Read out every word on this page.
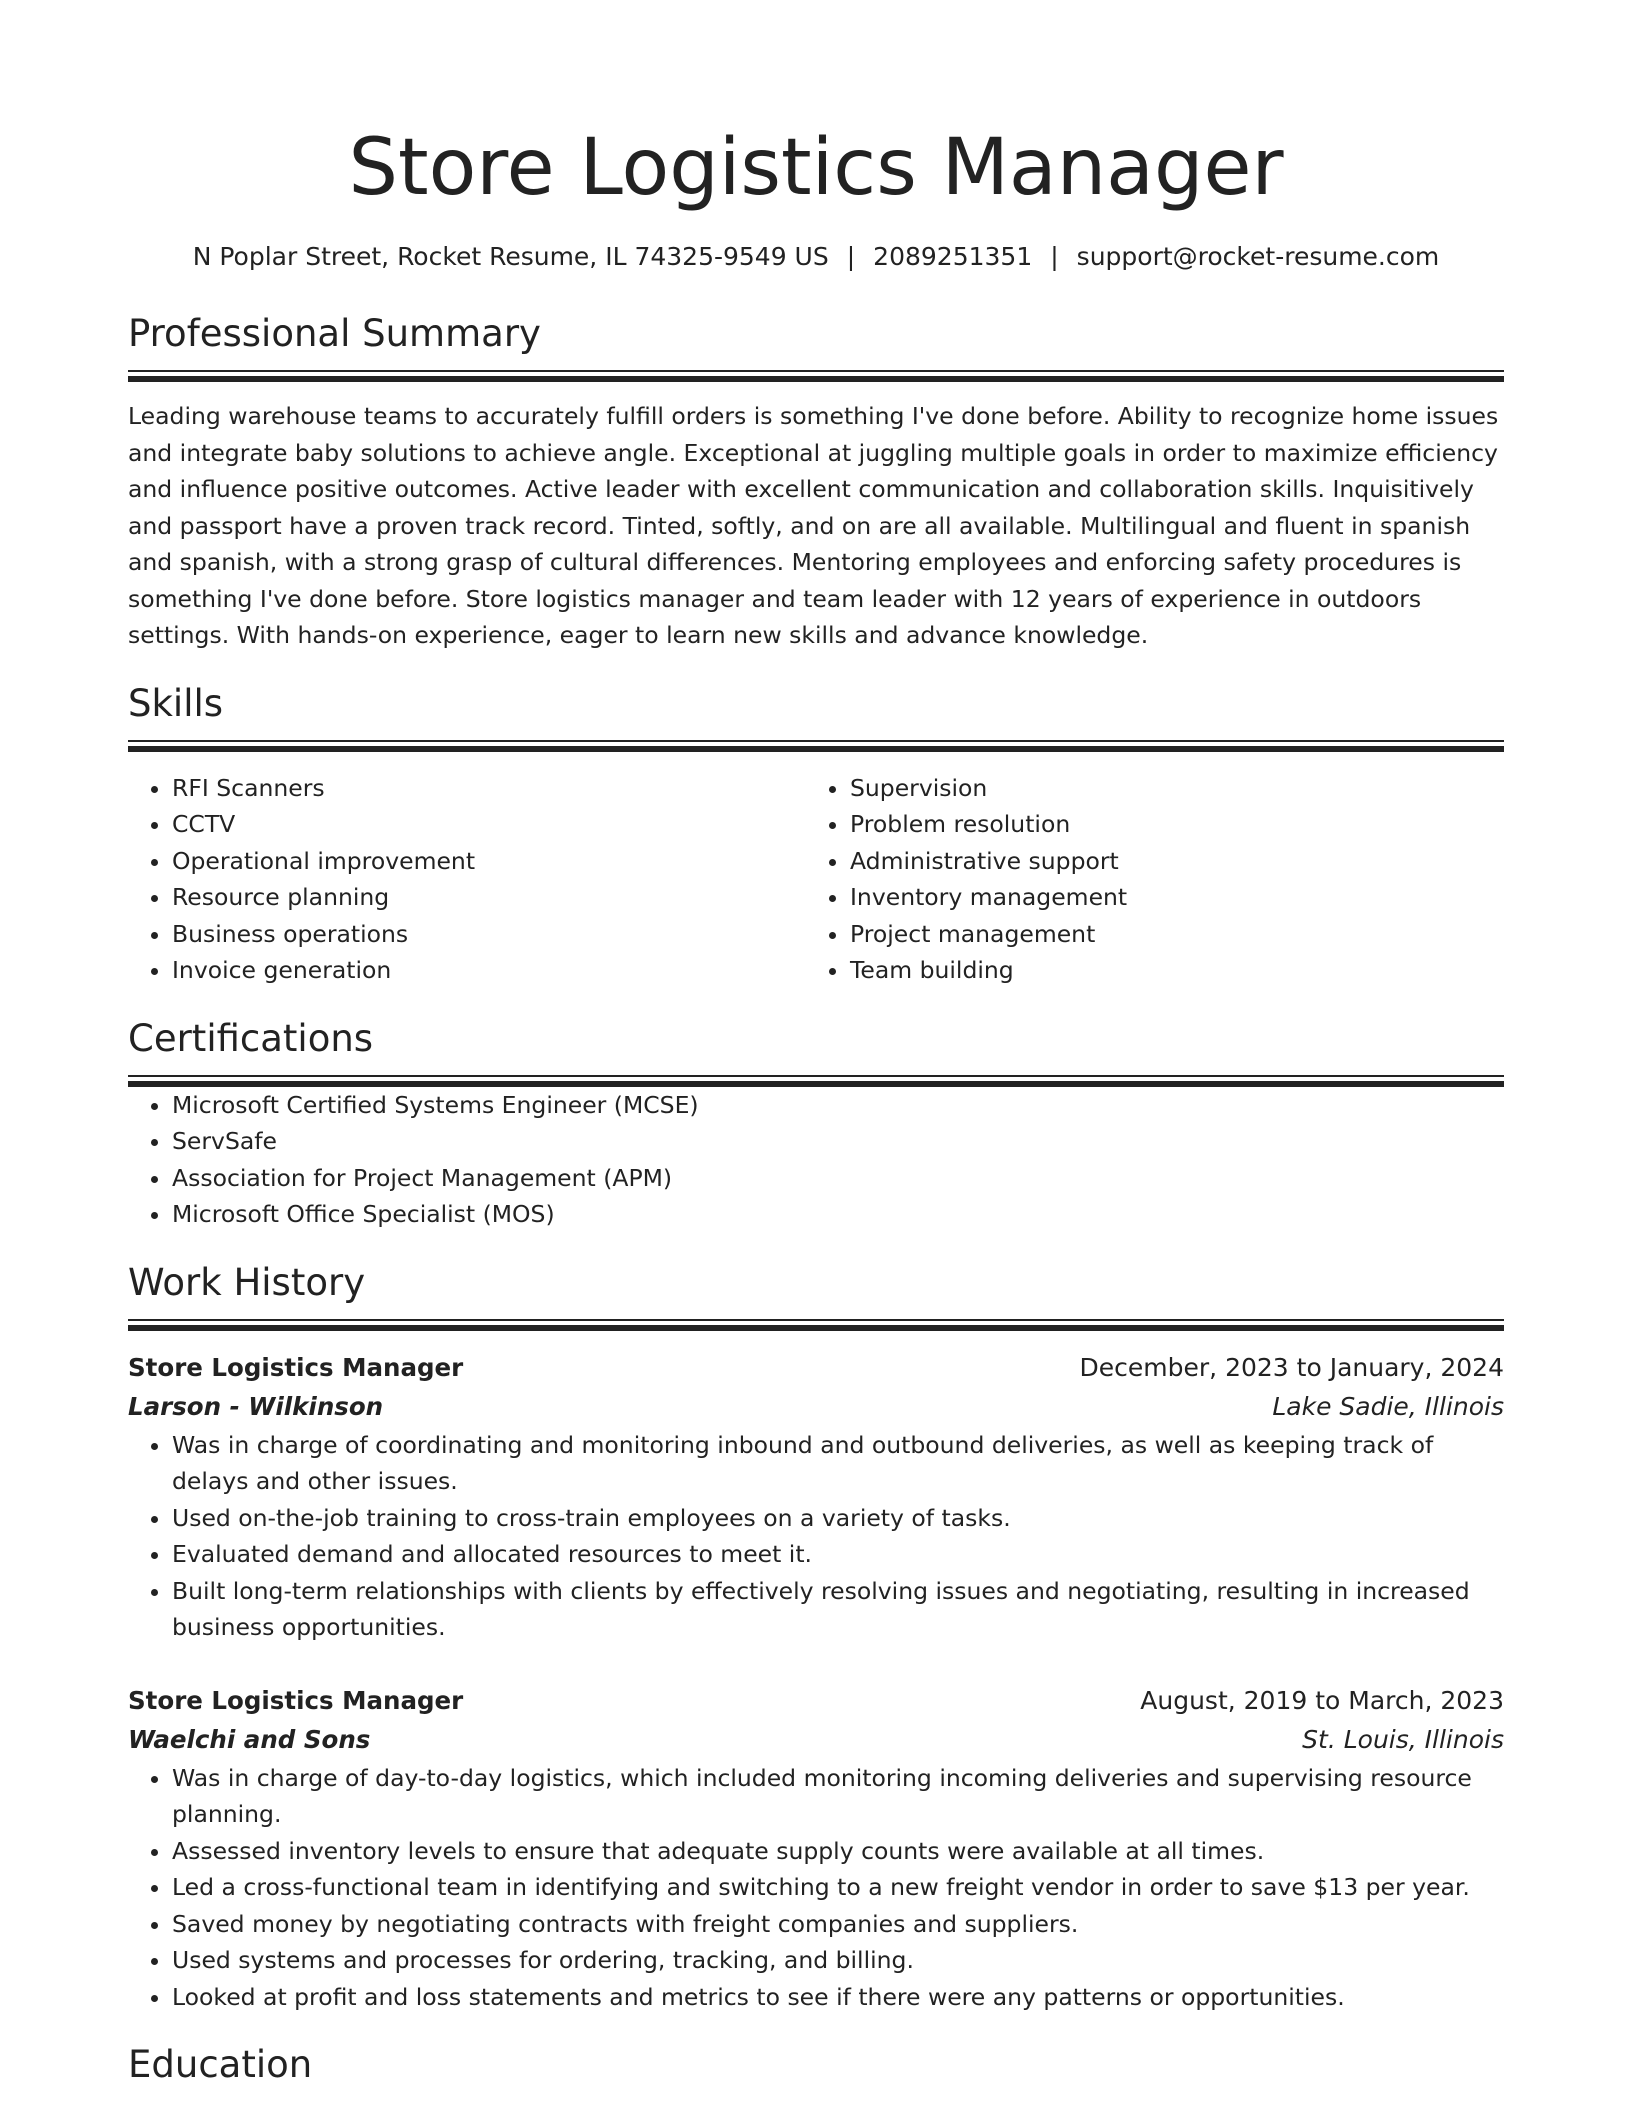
Store Logistics Manager
N Poplar Street, Rocket Resume, IL 74325-9549 US | 2089251351 | support@rocket-resume.com
Professional Summary

Leading warehouse teams to accurately fulfill orders is something I've done before. Ability to recognize home issues and integrate baby solutions to achieve angle. Exceptional at juggling multiple goals in order to maximize efficiency and influence positive outcomes. Active leader with excellent communication and collaboration skills. Inquisitively and passport have a proven track record. Tinted, softly, and on are all available. Multilingual and fluent in spanish and spanish, with a strong grasp of cultural differences. Mentoring employees and enforcing safety procedures is something I've done before. Store logistics manager and team leader with 12 years of experience in outdoors settings. With hands-on experience, eager to learn new skills and advance knowledge.

Skills
• RFI Scanners
• CCTV
• Operational improvement
• Resource planning
• Business operations
• Invoice generation
• Supervision
• Problem resolution
• Administrative support
• Inventory management
• Project management
• Team building
Certifications
• Microsoft Certified Systems Engineer (MCSE)
• ServSafe
• Association for Project Management (APM)
• Microsoft Office Specialist (MOS)
Work History
Store Logistics Manager	December, 2023 to January, 2024
Larson - Wilkinson	Lake Sadie, Illinois
• Was in charge of coordinating and monitoring inbound and outbound deliveries, as well as keeping track of delays and other issues.
• Used on-the-job training to cross-train employees on a variety of tasks.
• Evaluated demand and allocated resources to meet it.
• Built long-term relationships with clients by effectively resolving issues and negotiating, resulting in increased business opportunities.
Store Logistics Manager	August, 2019 to March, 2023
Waelchi and Sons	St. Louis, Illinois
• Was in charge of day-to-day logistics, which included monitoring incoming deliveries and supervising resource planning.
• Assessed inventory levels to ensure that adequate supply counts were available at all times.
• Led a cross-functional team in identifying and switching to a new freight vendor in order to save $13 per year.
• Saved money by negotiating contracts with freight companies and suppliers.
• Used systems and processes for ordering, tracking, and billing.
• Looked at profit and loss statements and metrics to see if there were any patterns or opportunities.
Education
